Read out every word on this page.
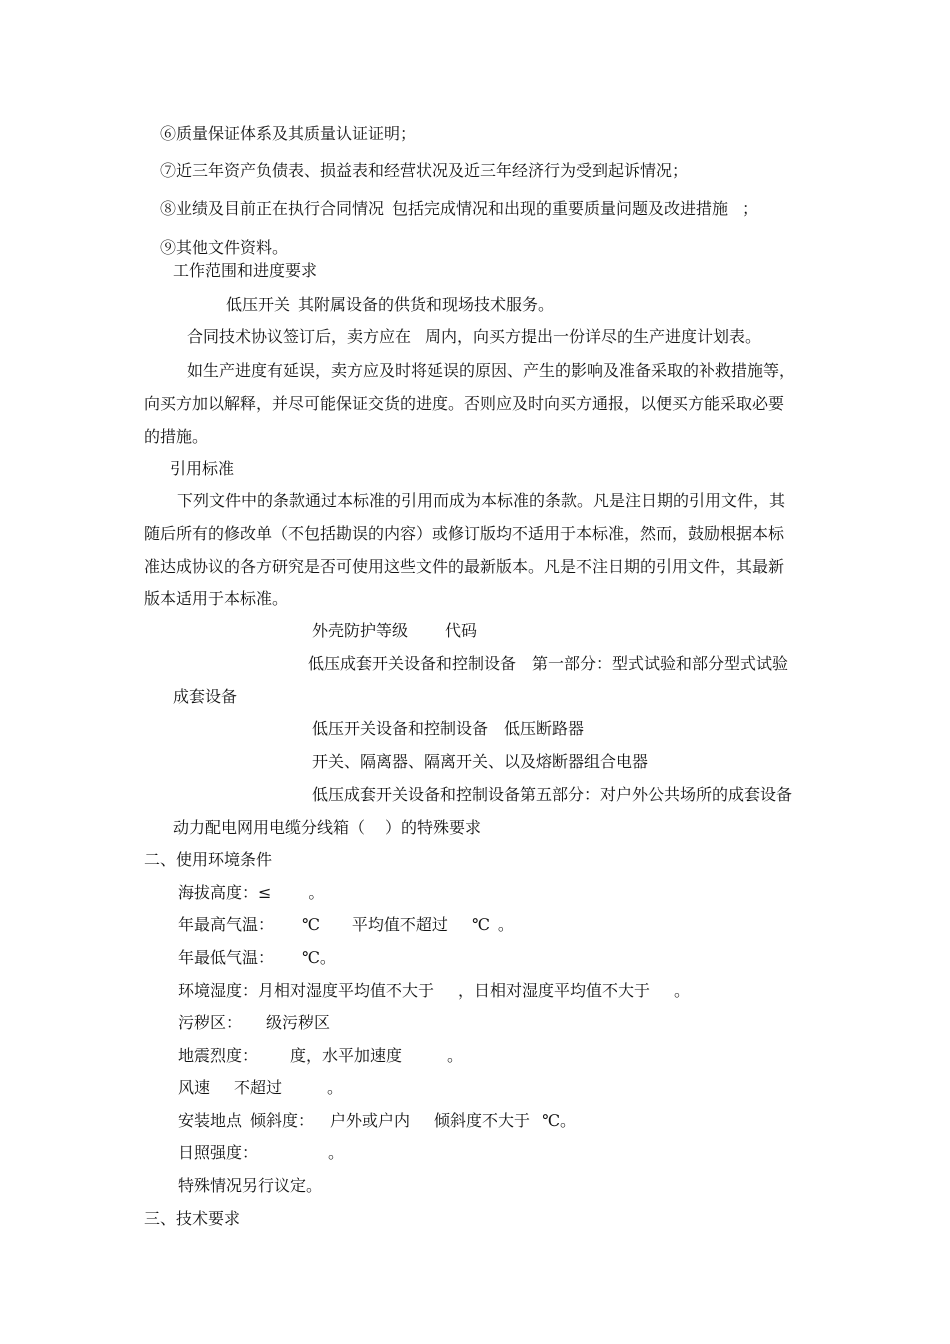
⑥质量保证体系及其质量认证证明；

⑦近三年资产负债表、损益表和经营状况及近三年经济行为受到起诉情况；

⑧业绩及目前正在执行合同情况 包括完成情况和出现的重要质量问题及改进措施 ；

⑨其他文件资料。

工作范围和进度要求

低压开关 其附属设备的供货和现场技术服务。

合同技术协议签订后，卖方应在 周内，向买方提出一份详尽的生产进度计划表。

如生产进度有延误，卖方应及时将延误的原因、产生的影响及准备采取的补救措施等，

向买方加以解释，并尽可能保证交货的进度。否则应及时向买方通报，以便买方能采取必要

的措施。

引用标准

下列文件中的条款通过本标准的引用而成为本标准的条款。凡是注日期的引用文件，其

随后所有的修改单（不包括勘误的内容）或修订版均不适用于本标准，然而，鼓励根据本标

准达成协议的各方研究是否可使用这些文件的最新版本。凡是不注日期的引用文件，其最新

版本适用于本标准。

外壳防护等级 代码

低压成套开关设备和控制设备 第一部分：型式试验和部分型式试验

成套设备

低压开关设备和控制设备 低压断路器

开关、隔离器、隔离开关、以及熔断器组合电器

低压成套开关设备和控制设备第五部分：对户外公共场所的成套设备

动力配电网用电缆分线箱（ ）的特殊要求

二、使用环境条件

海拔高度：≤ 。

年最高气温： ℃ 平均值不超过 ℃ 。

年最低气温： ℃。

环境湿度：月相对湿度平均值不大于 ，日相对湿度平均值不大于 。

污秽区： 级污秽区

地震烈度： 度，水平加速度	。

风速 不超过	。

安装地点 倾斜度： 户外或户内 倾斜度不大于 ℃。

日照强度：	。

特殊情况另行议定。

三、技术要求
